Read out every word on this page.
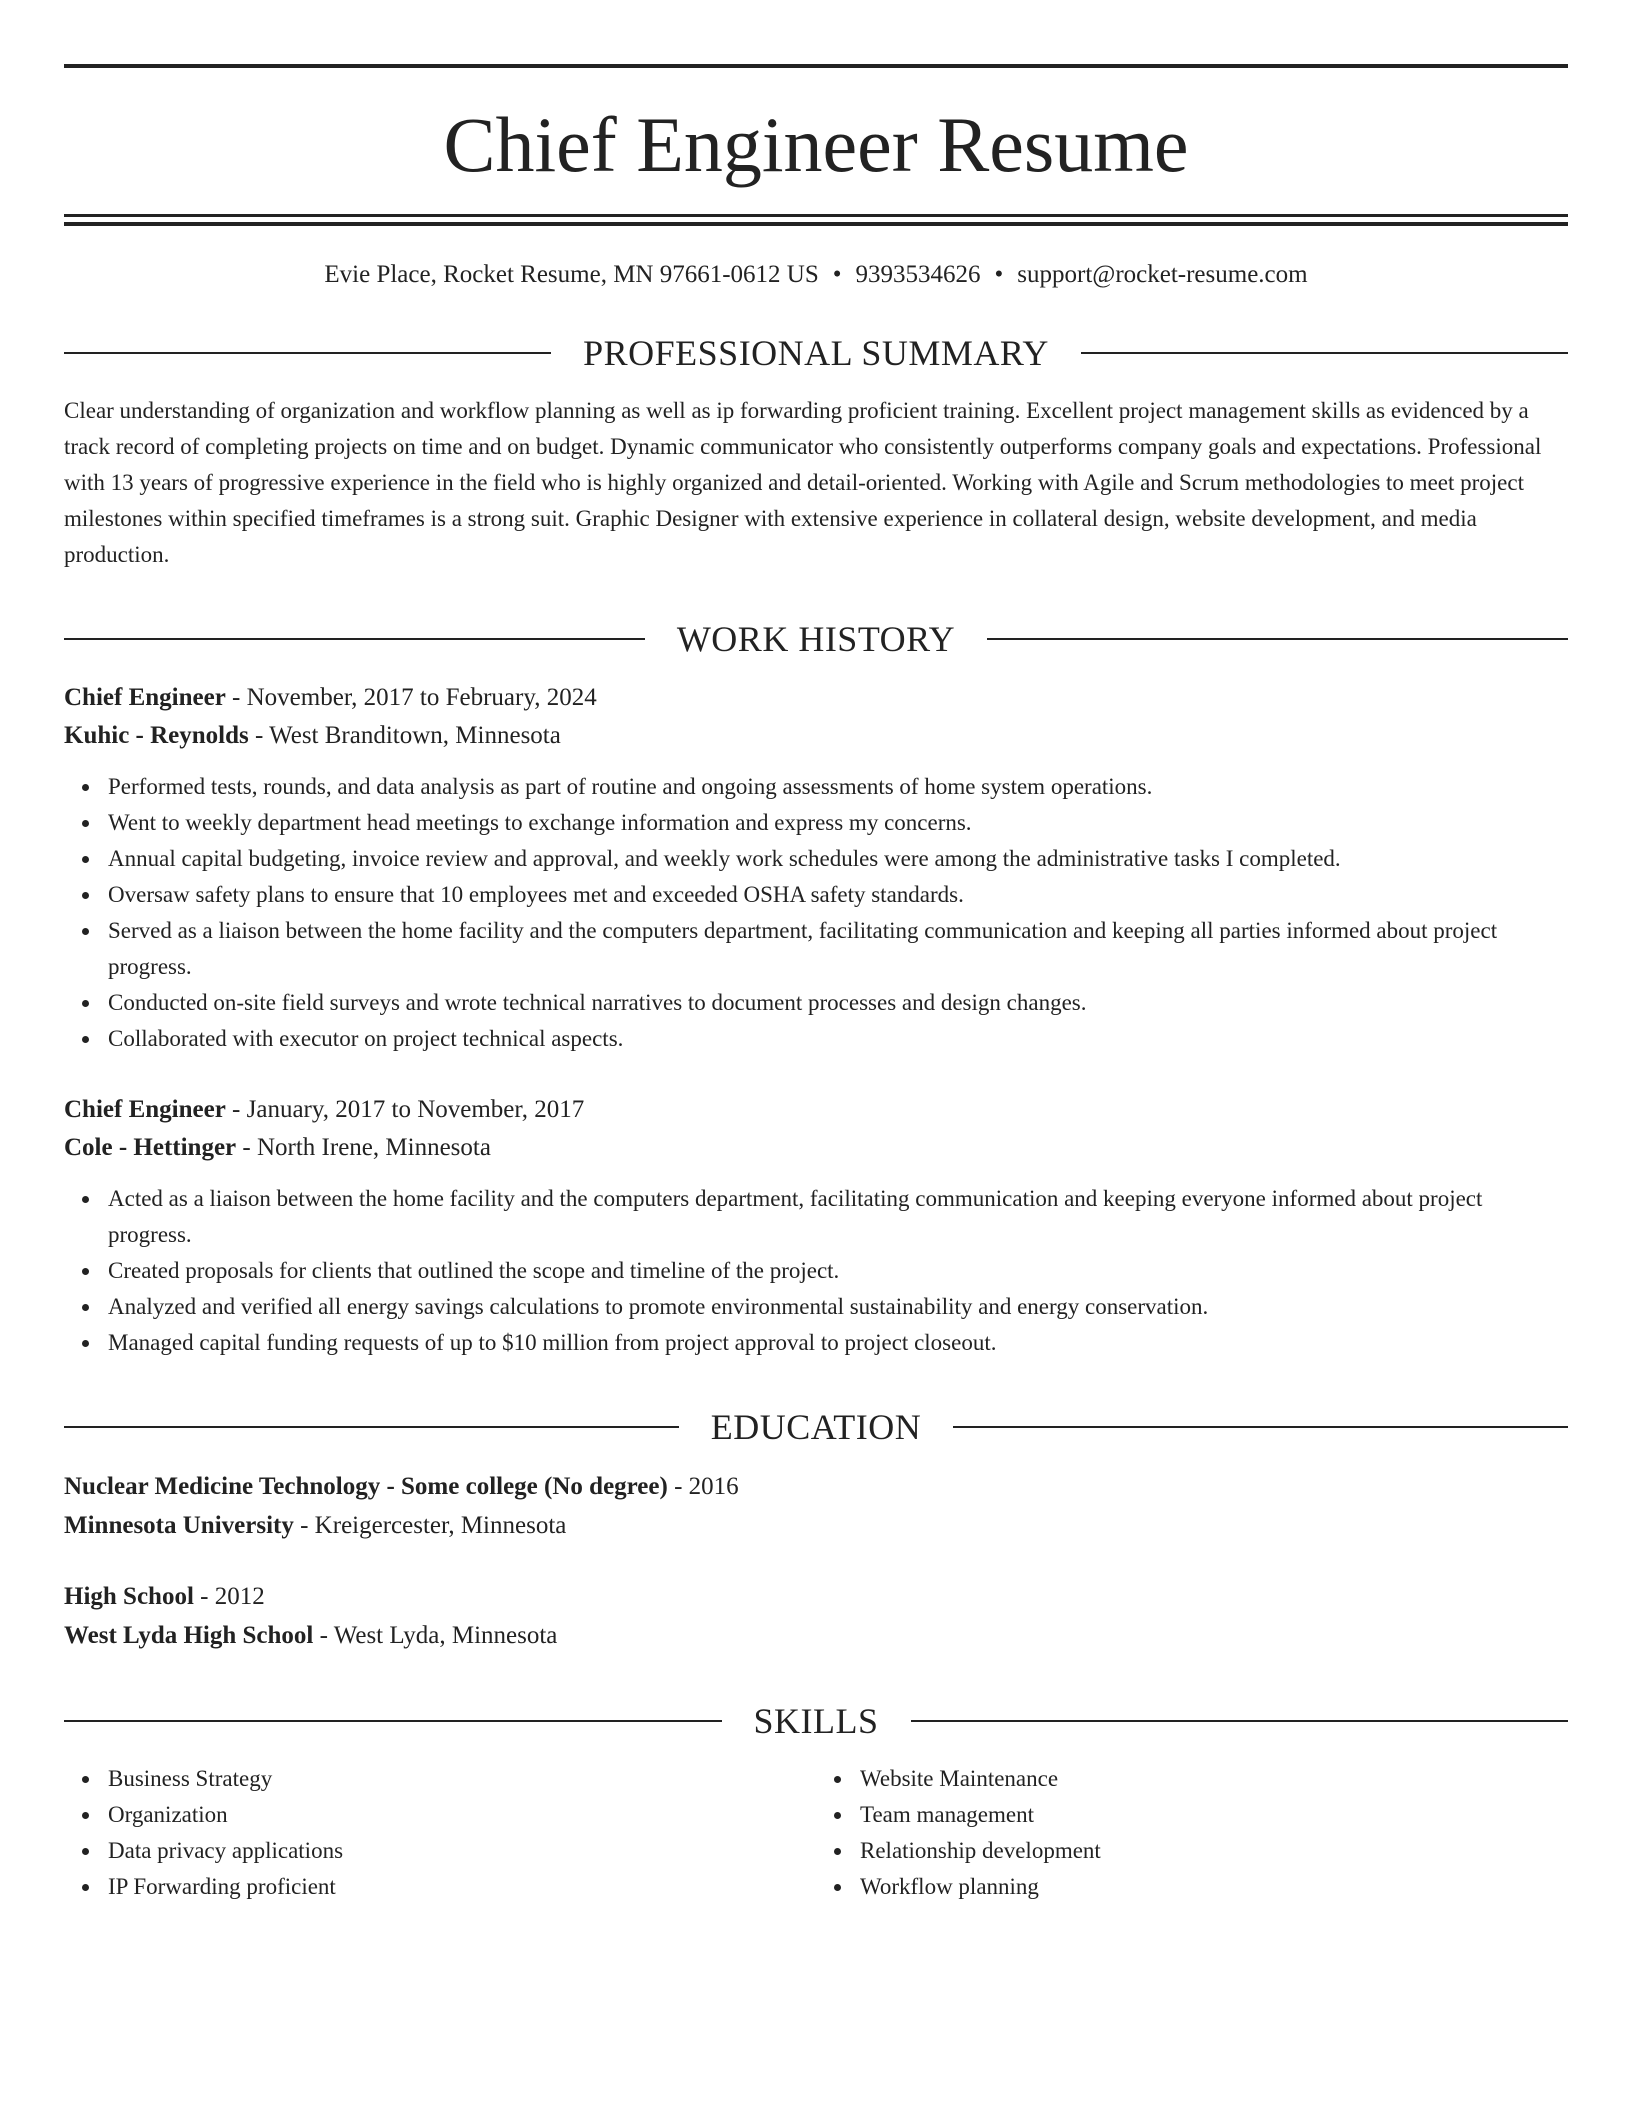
Chief Engineer Resume
Evie Place, Rocket Resume, MN 97661-0612 US • 9393534626 • support@rocket-resume.com
PROFESSIONAL SUMMARY

Clear understanding of organization and workflow planning as well as ip forwarding proficient training. Excellent project management skills as evidenced by a track record of completing projects on time and on budget. Dynamic communicator who consistently outperforms company goals and expectations. Professional with 13 years of progressive experience in the field who is highly organized and detail-oriented. Working with Agile and Scrum methodologies to meet project milestones within specified timeframes is a strong suit. Graphic Designer with extensive experience in collateral design, website development, and media production.

WORK HISTORY
Chief Engineer - November, 2017 to February, 2024
Kuhic - Reynolds - West Branditown, Minnesota
Performed tests, rounds, and data analysis as part of routine and ongoing assessments of home system operations.
Went to weekly department head meetings to exchange information and express my concerns.
Annual capital budgeting, invoice review and approval, and weekly work schedules were among the administrative tasks I completed.
Oversaw safety plans to ensure that 10 employees met and exceeded OSHA safety standards.
Served as a liaison between the home facility and the computers department, facilitating communication and keeping all parties informed about project progress.
Conducted on-site field surveys and wrote technical narratives to document processes and design changes.
Collaborated with executor on project technical aspects.
Chief Engineer - January, 2017 to November, 2017
Cole - Hettinger - North Irene, Minnesota
Acted as a liaison between the home facility and the computers department, facilitating communication and keeping everyone informed about project progress.
Created proposals for clients that outlined the scope and timeline of the project.
Analyzed and verified all energy savings calculations to promote environmental sustainability and energy conservation.
Managed capital funding requests of up to $10 million from project approval to project closeout.
EDUCATION
Nuclear Medicine Technology - Some college (No degree) - 2016
Minnesota University - Kreigercester, Minnesota
High School - 2012
West Lyda High School - West Lyda, Minnesota
SKILLS
Business Strategy
Organization
Data privacy applications
IP Forwarding proficient
Website Maintenance
Team management
Relationship development
Workflow planning
